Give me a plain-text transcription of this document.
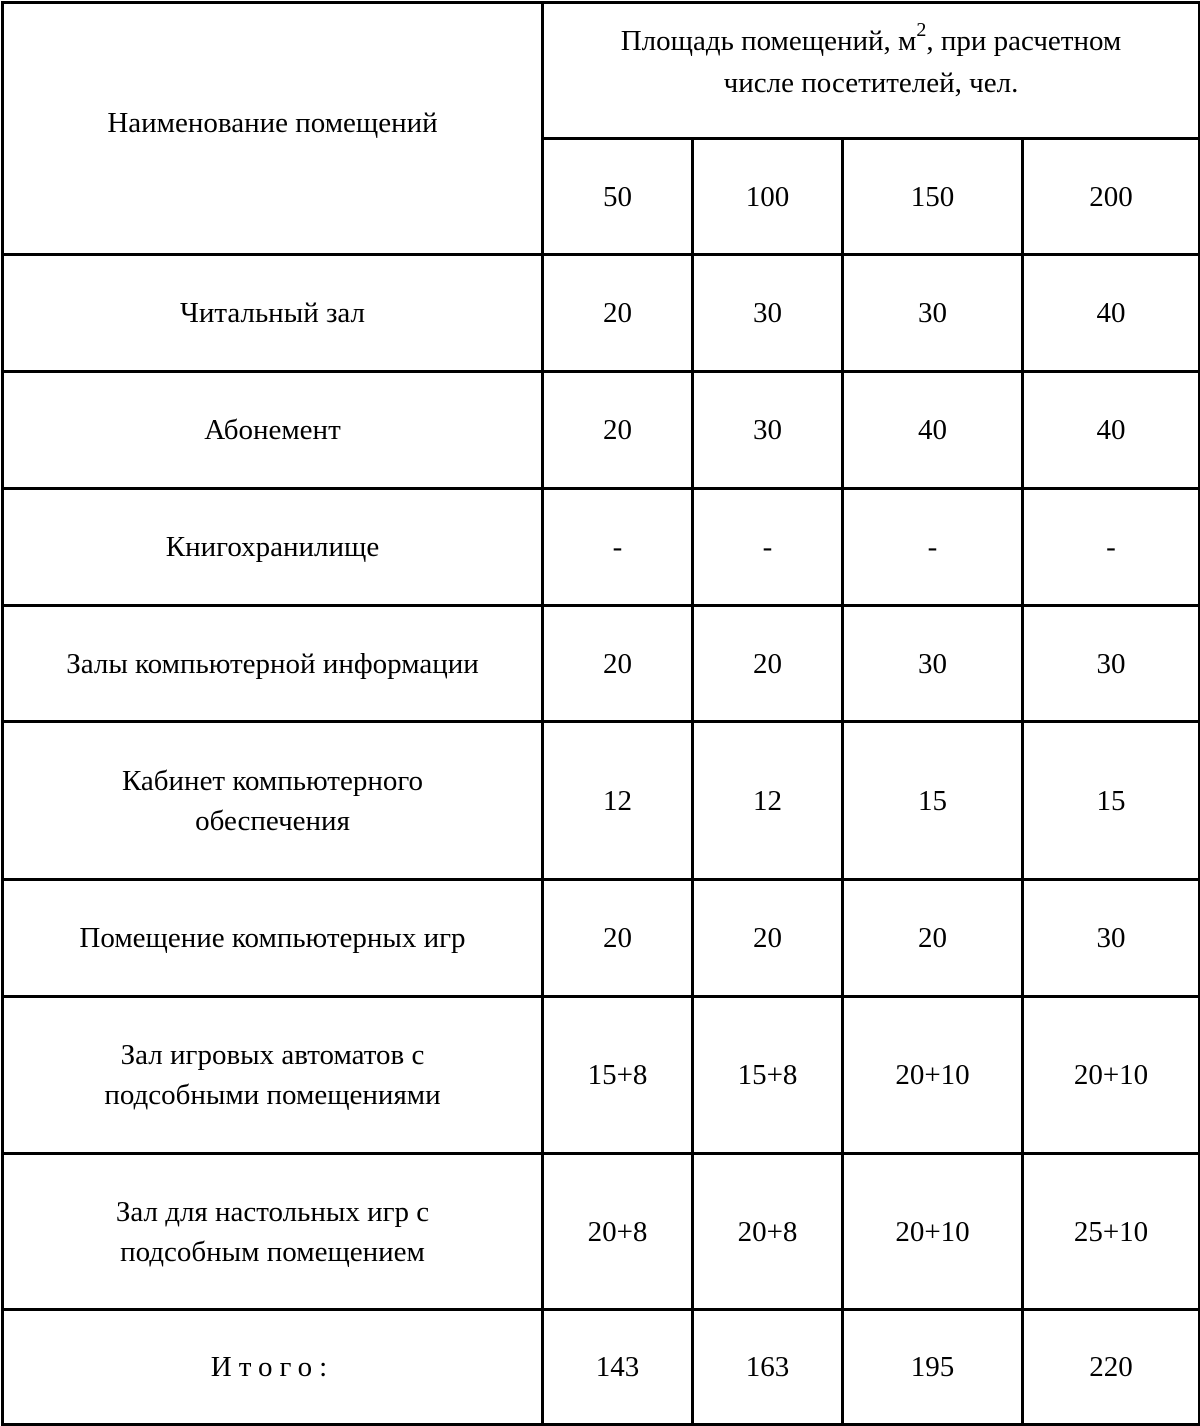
Наименование помещений	Площадь помещений, $м^2$, при расчетном
числе посетителей, чел.			
	50	100	150	200
Читальный зал	20	30	30	40
Абонемент	20	30	40	40
Книгохранилище	-	-	-	-
Залы компьютерной информации	20	20	30	30
Кабинет компьютерного
обеспечения	12	12	15	15
Помещение компьютерных игр	20	20	20	30
Зал игровых автоматов с
подсобными помещениями	15+8	15+8	20+10	20+10
Зал для настольных игр с
подсобным помещением	20+8	20+8	20+10	25+10
Итого:	143	163	195	220
